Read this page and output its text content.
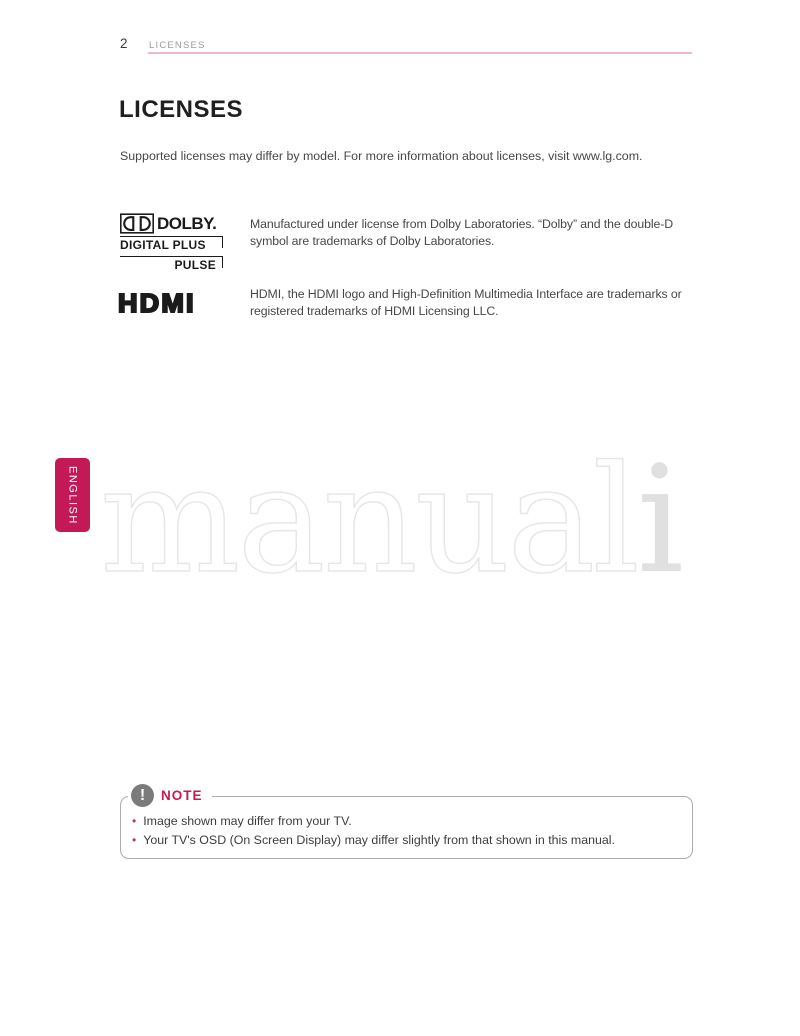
2 LICENSES
LICENSES

Supported licenses may differ by model. For more information about licenses, visit www.lg.com.

DOLBY.
DIGITAL PLUS
PULSE

Manufactured under license from Dolby Laboratories. “Dolby” and the double-D symbol are trademarks of Dolby Laboratories.

HDMI	HDMI, the HDMI logo and High-Definition Multimedia Interface are trademarks or registered trademarks of HDMI Licensing LLC.

ENGLISH manuali
!	NOTE
• Image shown may differ from your TV.
• Your TV's OSD (On Screen Display) may differ slightly from that shown in this manual.
